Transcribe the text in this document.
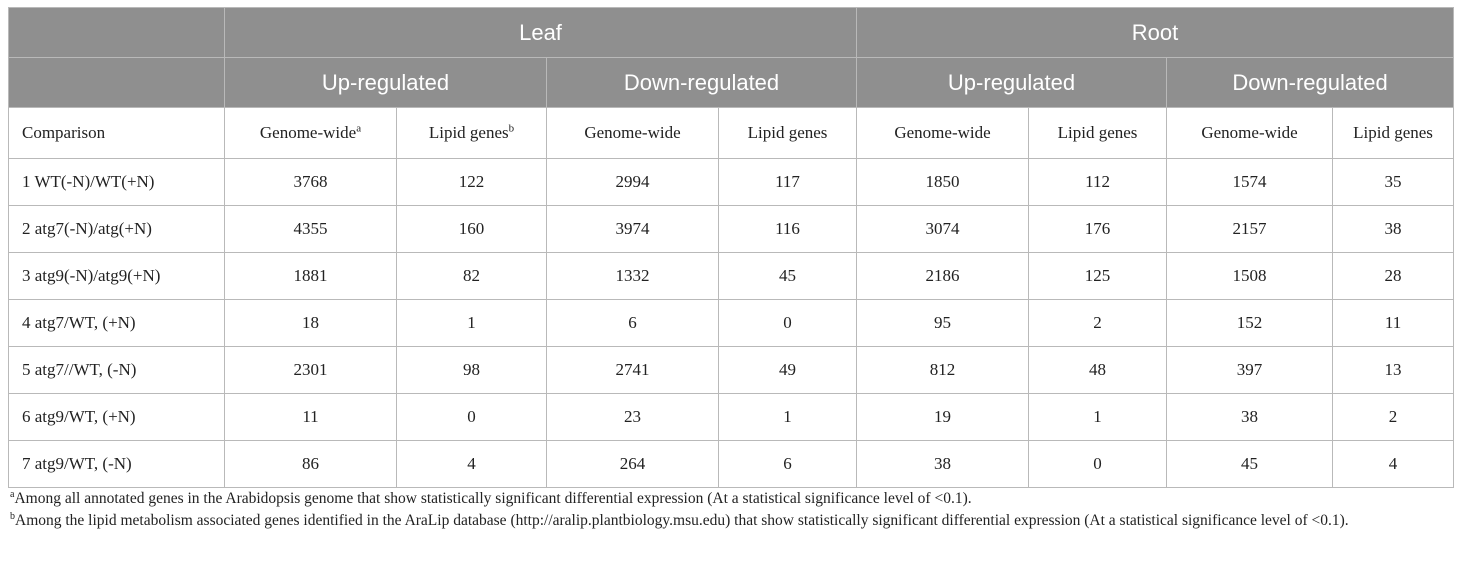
	Leaf				Root			
	Up-regulated		Down-regulated		Up-regulated		Down-regulated	
Comparison	Genome-wide$^a$	Lipid genes$^b$	Genome-wide	Lipid genes	Genome-wide	Lipid genes	Genome-wide	Lipid genes
1 WT(-N)/WT(+N)	3768	122	2994	117	1850	112	1574	35
2 atg7(-N)/atg(+N)	4355	160	3974	116	3074	176	2157	38
3 atg9(-N)/atg9(+N)	1881	82	1332	45	2186	125	1508	28
4 atg7/WT, (+N)	18	1	6	0	95	2	152	11
5 atg7//WT, (-N)	2301	98	2741	49	812	48	397	13
6 atg9/WT, (+N)	11	0	23	1	19	1	38	2
7 atg9/WT, (-N)	86	4	264	6	38	0	45	4

$^a$Among all annotated genes in the Arabidopsis genome that show statistically significant differential expression (At a statistical significance level of <0.1).

$^b$Among the lipid metabolism associated genes identified in the AraLip database (http://aralip.plantbiology.msu.edu) that show statistically significant differential expression (At a statistical significance level of <0.1).
